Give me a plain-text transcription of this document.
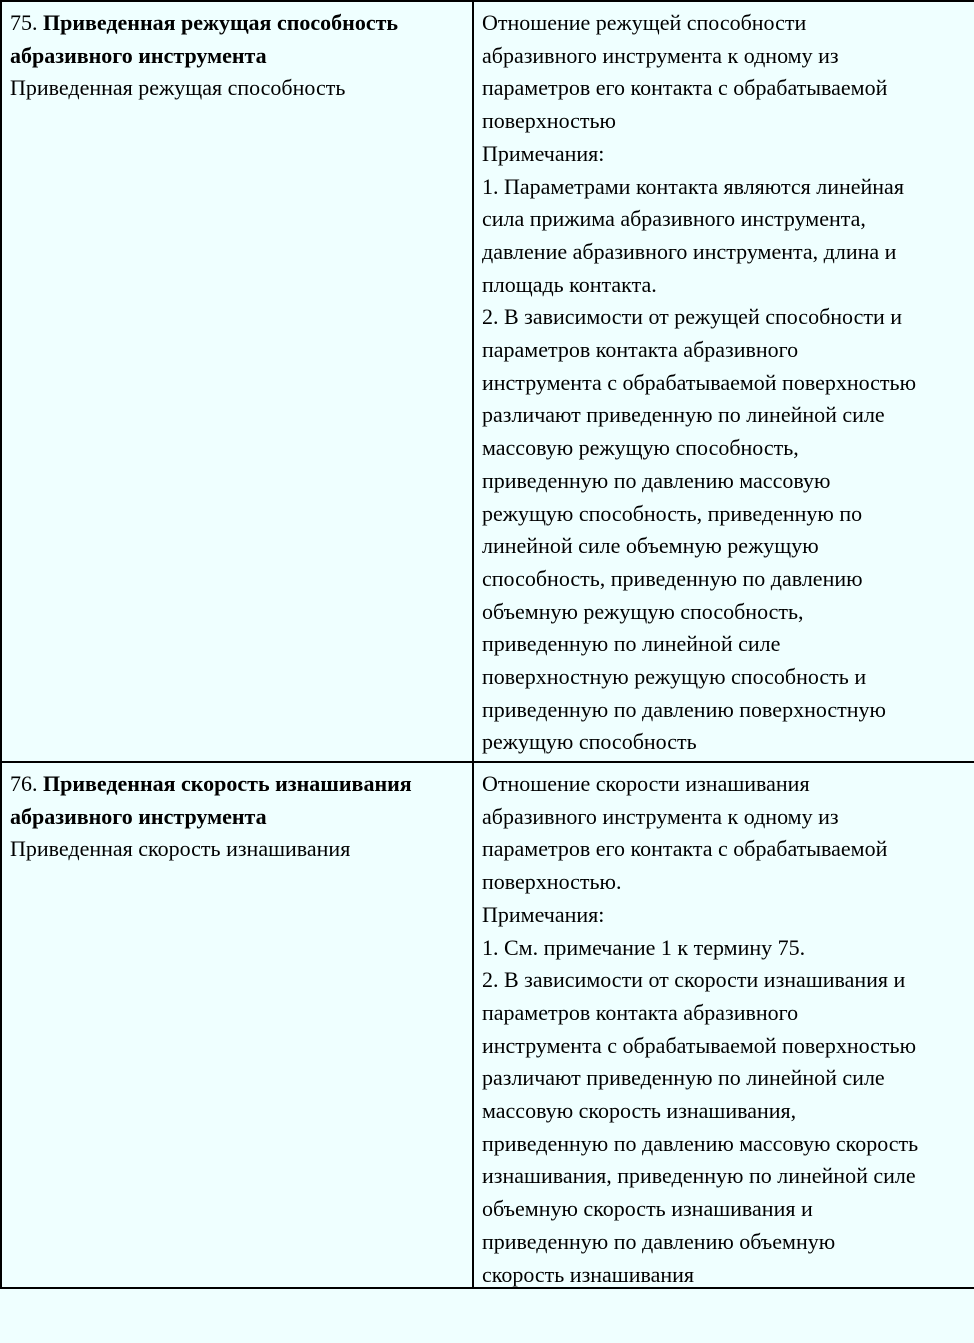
75. Приведенная режущая способность
абразивного инструмента
Приведенная режущая способность
Отношение режущей способности
абразивного инструмента к одному из
параметров его контакта с обрабатываемой
поверхностью
Примечания:
1. Параметрами контакта являются линейная
сила прижима абразивного инструмента,
давление абразивного инструмента, длина и
площадь контакта.
2. В зависимости от режущей способности и
параметров контакта абразивного
инструмента с обрабатываемой поверхностью
различают приведенную по линейной силе
массовую режущую способность,
приведенную по давлению массовую
режущую способность, приведенную по
линейной силе объемную режущую
способность, приведенную по давлению
объемную режущую способность,
приведенную по линейной силе
поверхностную режущую способность и
приведенную по давлению поверхностную
режущую способность
76. Приведенная скорость изнашивания
абразивного инструмента
Приведенная скорость изнашивания
Отношение скорости изнашивания
абразивного инструмента к одному из
параметров его контакта с обрабатываемой
поверхностью.
Примечания:
1. См. примечание 1 к термину 75.
2. В зависимости от скорости изнашивания и
параметров контакта абразивного
инструмента с обрабатываемой поверхностью
различают приведенную по линейной силе
массовую скорость изнашивания,
приведенную по давлению массовую скорость
изнашивания, приведенную по линейной силе
объемную скорость изнашивания и
приведенную по давлению объемную
скорость изнашивания
